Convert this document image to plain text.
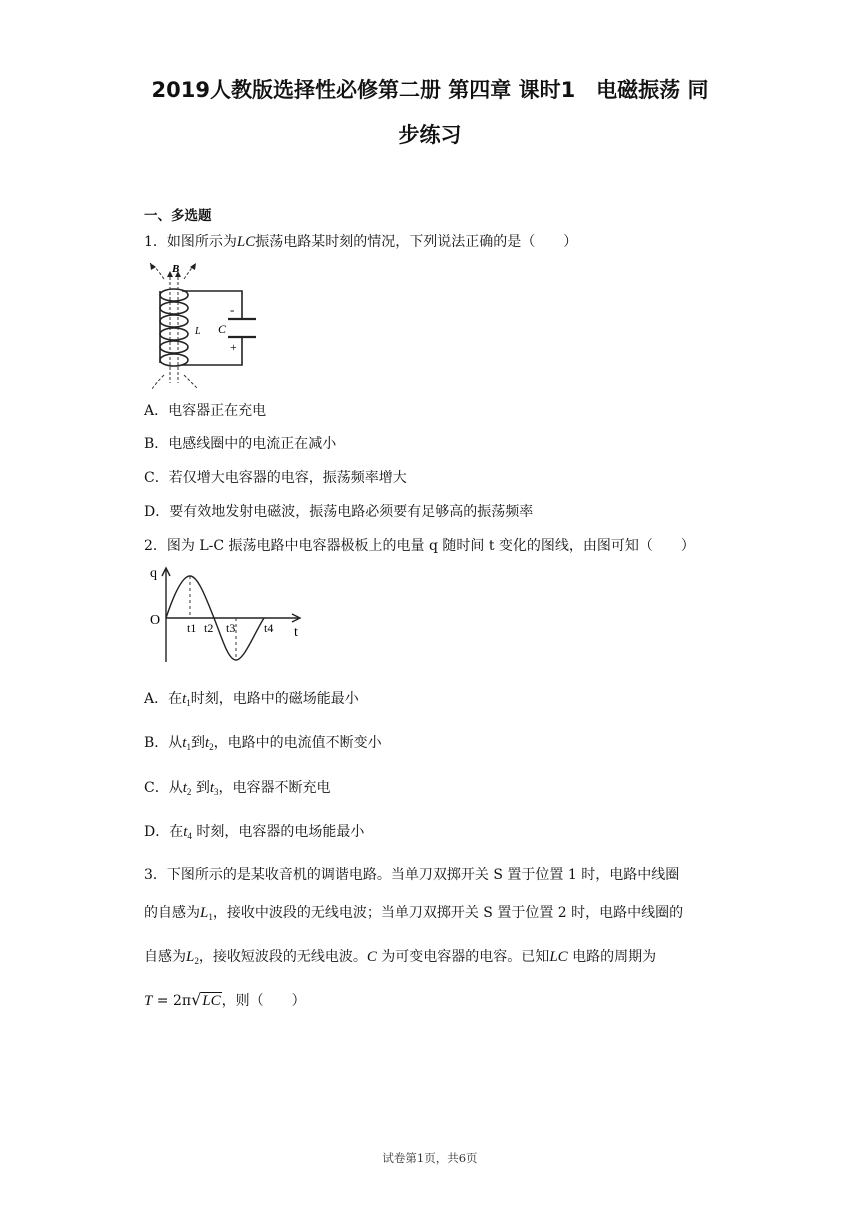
2019人教版选择性必修第二册 第四章 课时1　电磁振荡 同
步练习
一、多选题
1．如图所示为LC振荡电路某时刻的情况，下列说法正确的是（　　）
B
L C
-
+
A．电容器正在充电
B．电感线圈中的电流正在减小
C．若仅增大电容器的电容，振荡频率增大
D．要有效地发射电磁波，振荡电路必须要有足够高的振荡频率
2．图为 L-C 振荡电路中电容器极板上的电量 q 随时间 t 变化的图线，由图可知（　　）
q
O
t
t1 t2 t3 t4
A．在$t_1$时刻，电路中的磁场能最小
B．从$t_1$到$t_2$，电路中的电流值不断变小
C．从$t_2$ 到$t_3$，电容器不断充电
D．在$t_4$ 时刻，电容器的电场能最小
3．下图所示的是某收音机的调谐电路。当单刀双掷开关 S 置于位置 1 时，电路中线圈
的自感为$L_1$，接收中波段的无线电波；当单刀双掷开关 S 置于位置 2 时，电路中线圈的
自感为$L_2$，接收短波段的无线电波。C 为可变电容器的电容。已知LC 电路的周期为
T = 2π√LC，则（　　）
试卷第1页，共6页
